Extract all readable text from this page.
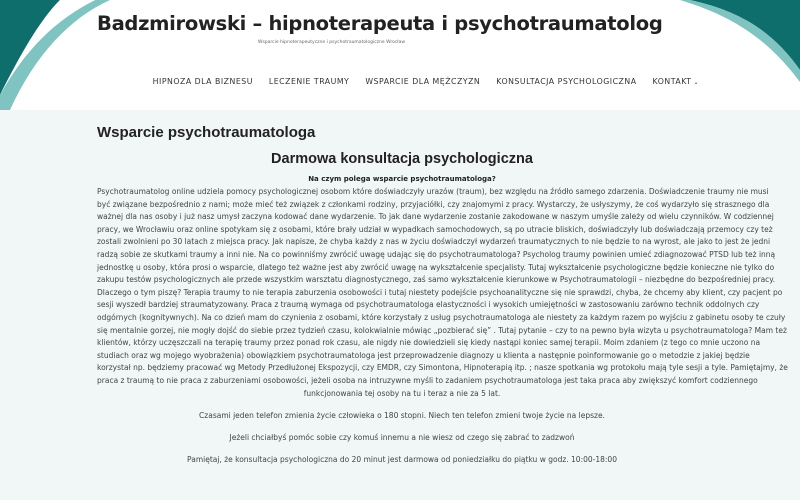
Badzmirowski – hipnoterapeuta i psychotraumatolog
Wsparcie hipnoterapeutyczne i psychotraumatologiczne Wrocław
HIPNOZA DLA BIZNESU LECZENIE TRAUMY WSPARCIE DLA MĘŻCZYZN KONSULTACJA PSYCHOLOGICZNA KONTAKT ⌄
Wsparcie psychotraumatologa
Darmowa konsultacja psychologiczna

Na czym polega wsparcie psychotraumatologa?

Psychotraumatolog online udziela pomocy psychologicznej osobom które doświadczyły urazów (traum), bez względu na źródło samego zdarzenia. Doświadczenie traumy nie musi
być związane bezpośrednio z nami; może mieć też związek z członkami rodziny, przyjaciółki, czy znajomymi z pracy. Wystarczy, że usłyszymy, że coś wydarzyło się strasznego dla
ważnej dla nas osoby i już nasz umysł zaczyna kodować dane wydarzenie. To jak dane wydarzenie zostanie zakodowane w naszym umyśle zależy od wielu czynników. W codziennej
pracy, we Wrocławiu oraz online spotykam się z osobami, które brały udział w wypadkach samochodowych, są po utracie bliskich, doświadczyły lub doświadczają przemocy czy też
zostali zwolnieni po 30 latach z miejsca pracy. Jak napisze, że chyba każdy z nas w życiu doświadczył wydarzeń traumatycznych to nie będzie to na wyrost, ale jako to jest że jedni
radzą sobie ze skutkami traumy a inni nie. Na co powinniśmy zwrócić uwagę udając się do psychotraumatologa? Psycholog traumy powinien umieć zdiagnozować PTSD lub też inną
jednostkę u osoby, która prosi o wsparcie, dlatego też ważne jest aby zwrócić uwagę na wykształcenie specjalisty. Tutaj wykształcenie psychologiczne będzie konieczne nie tylko do
zakupu testów psychologicznych ale przede wszystkim warsztatu diagnostycznego, zaś samo wykształcenie kierunkowe w Psychotraumatologii – niezbędne do bezpośredniej pracy.
Dlaczego o tym piszę? Terapia traumy to nie terapia zaburzenia osobowości i tutaj niestety podejście psychoanalityczne się nie sprawdzi, chyba, że chcemy aby klient, czy pacjent po
sesji wyszedł bardziej straumatyzowany. Praca z traumą wymaga od psychotraumatologa elastyczności i wysokich umiejętności w zastosowaniu zarówno technik oddolnych czy
odgórnych (kognitywnych). Na co dzień mam do czynienia z osobami, które korzystały z usług psychotraumatologa ale niestety za każdym razem po wyjściu z gabinetu osoby te czuły
się mentalnie gorzej, nie mogły dojść do siebie przez tydzień czasu, kolokwialnie mówiąc „pozbierać się” . Tutaj pytanie – czy to na pewno była wizyta u psychotraumatologa? Mam też
klientów, którzy uczęszczali na terapię traumy przez ponad rok czasu, ale nigdy nie dowiedzieli się kiedy nastąpi koniec samej terapii. Moim zdaniem (z tego co mnie uczono na
studiach oraz wg mojego wyobrażenia) obowiązkiem psychotraumatologa jest przeprowadzenie diagnozy u klienta a następnie poinformowanie go o metodzie z jakiej będzie
korzystał np. będziemy pracować wg Metody Przedłużonej Ekspozycji, czy EMDR, czy Simontona, Hipnoterapią itp. ; nasze spotkania wg protokołu mają tyle sesji a tyle. Pamiętajmy, że
praca z traumą to nie praca z zaburzeniami osobowości, jeżeli osoba na intruzywne myśli to zadaniem psychotraumatologa jest taka praca aby zwiększyć komfort codziennego
funkcjonowania tej osoby na tu i teraz a nie za 5 lat.

Czasami jeden telefon zmienia życie człowieka o 180 stopni. Niech ten telefon zmieni twoje życie na lepsze.

Jeżeli chciałbyś pomóc sobie czy komuś innemu a nie wiesz od czego się zabrać to zadzwoń

Pamiętaj, że konsultacja psychologiczna do 20 minut jest darmowa od poniedziałku do piątku w godz. 10:00-18:00
